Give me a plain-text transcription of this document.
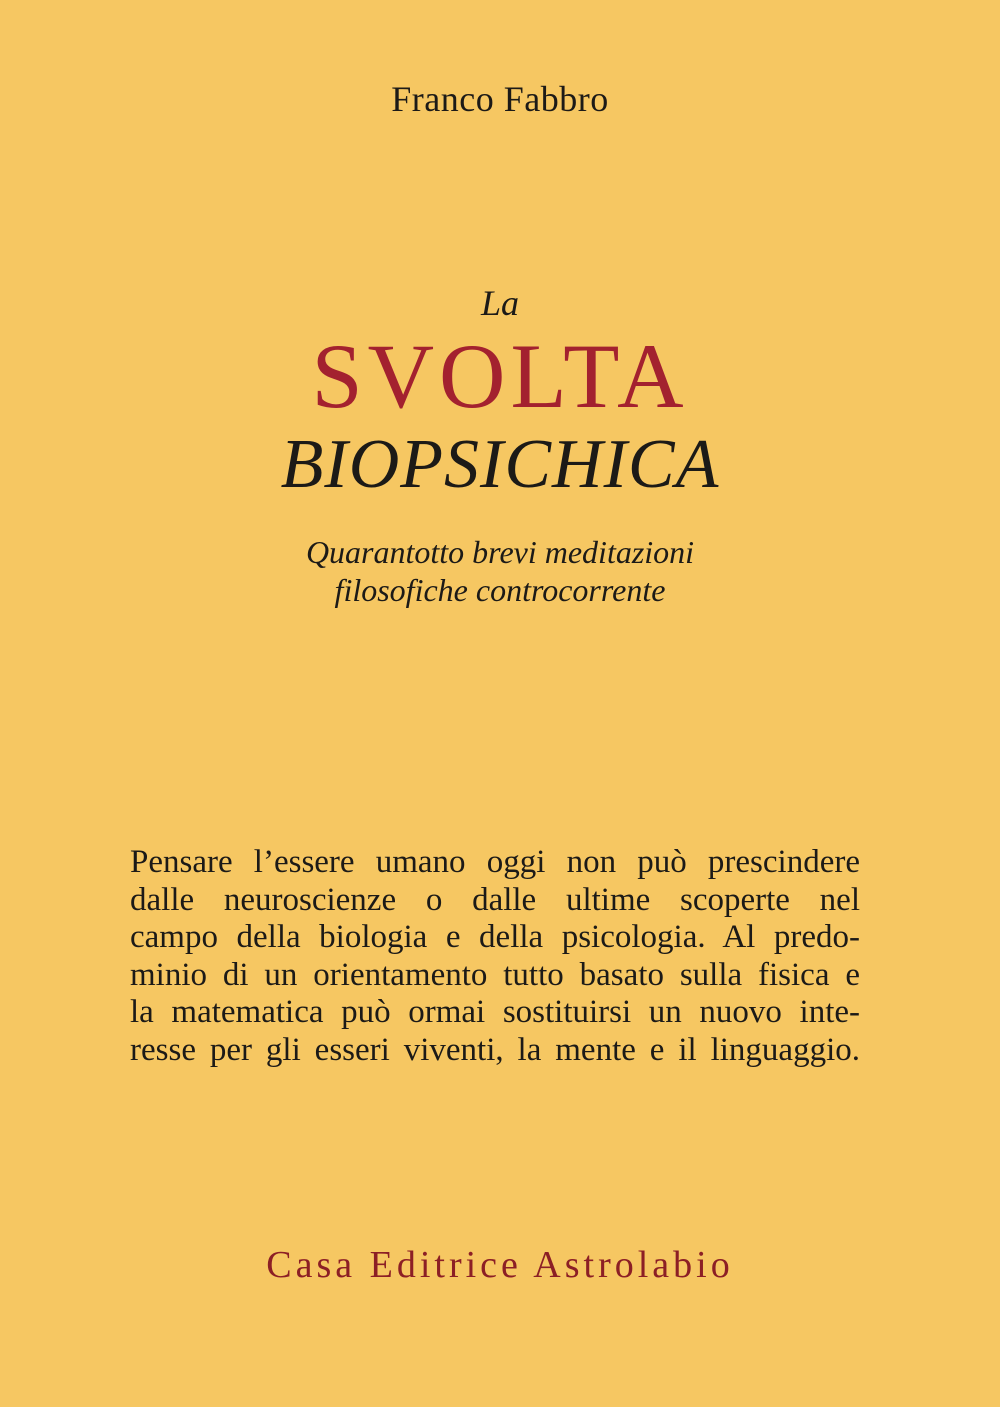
Franco Fabbro
La
SVOLTA
BIOPSICHICA
Quarantotto brevi meditazioni
filosofiche controcorrente
Pensare l’essere umano oggi non può prescindere
dalle neuroscienze o dalle ultime scoperte nel
campo della biologia e della psicologia. Al predo-
minio di un orientamento tutto basato sulla fisica e
la matematica può ormai sostituirsi un nuovo inte-
resse per gli esseri viventi, la mente e il linguaggio.
Casa Editrice Astrolabio
